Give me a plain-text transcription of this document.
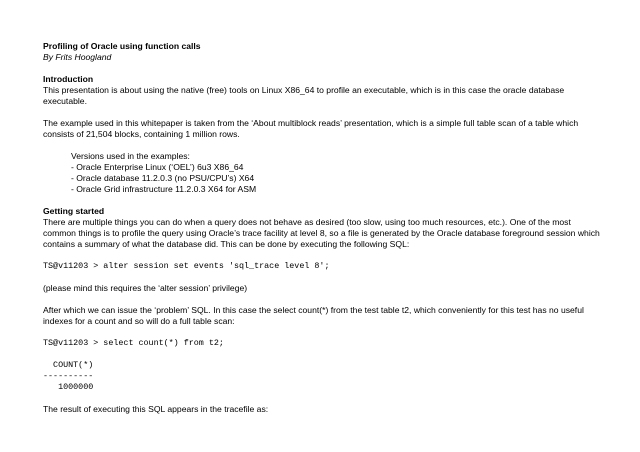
Profiling of Oracle using function calls

By Frits Hoogland

Introduction

This presentation is about using the native (free) tools on Linux X86_64 to profile an executable, which is in this case the oracle database executable.

The example used in this whitepaper is taken from the ‘About multiblock reads’ presentation, which is a simple full table scan of a table which consists of 21,504 blocks, containing 1 million rows.

Versions used in the examples:

- Oracle Enterprise Linux (‘OEL’) 6u3 X86_64

- Oracle database 11.2.0.3 (no PSU/CPU’s) X64

- Oracle Grid infrastructure 11.2.0.3 X64 for ASM

Getting started

There are multiple things you can do when a query does not behave as desired (too slow, using too much resources, etc.). One of the most common things is to profile the query using Oracle’s trace facility at level 8, so a file is generated by the Oracle database foreground session which contains a summary of what the database did. This can be done by executing the following SQL:

TS@v11203 > alter session set events 'sql_trace level 8';

(please mind this requires the ‘alter session’ privilege)

After which we can issue the ‘problem’ SQL. In this case the select count(*) from the test table t2, which conveniently for this test has no useful indexes for a count and so will do a full table scan:

TS@v11203 > select count(*) from t2;

COUNT(*)

----------

1000000

The result of executing this SQL appears in the tracefile as:
